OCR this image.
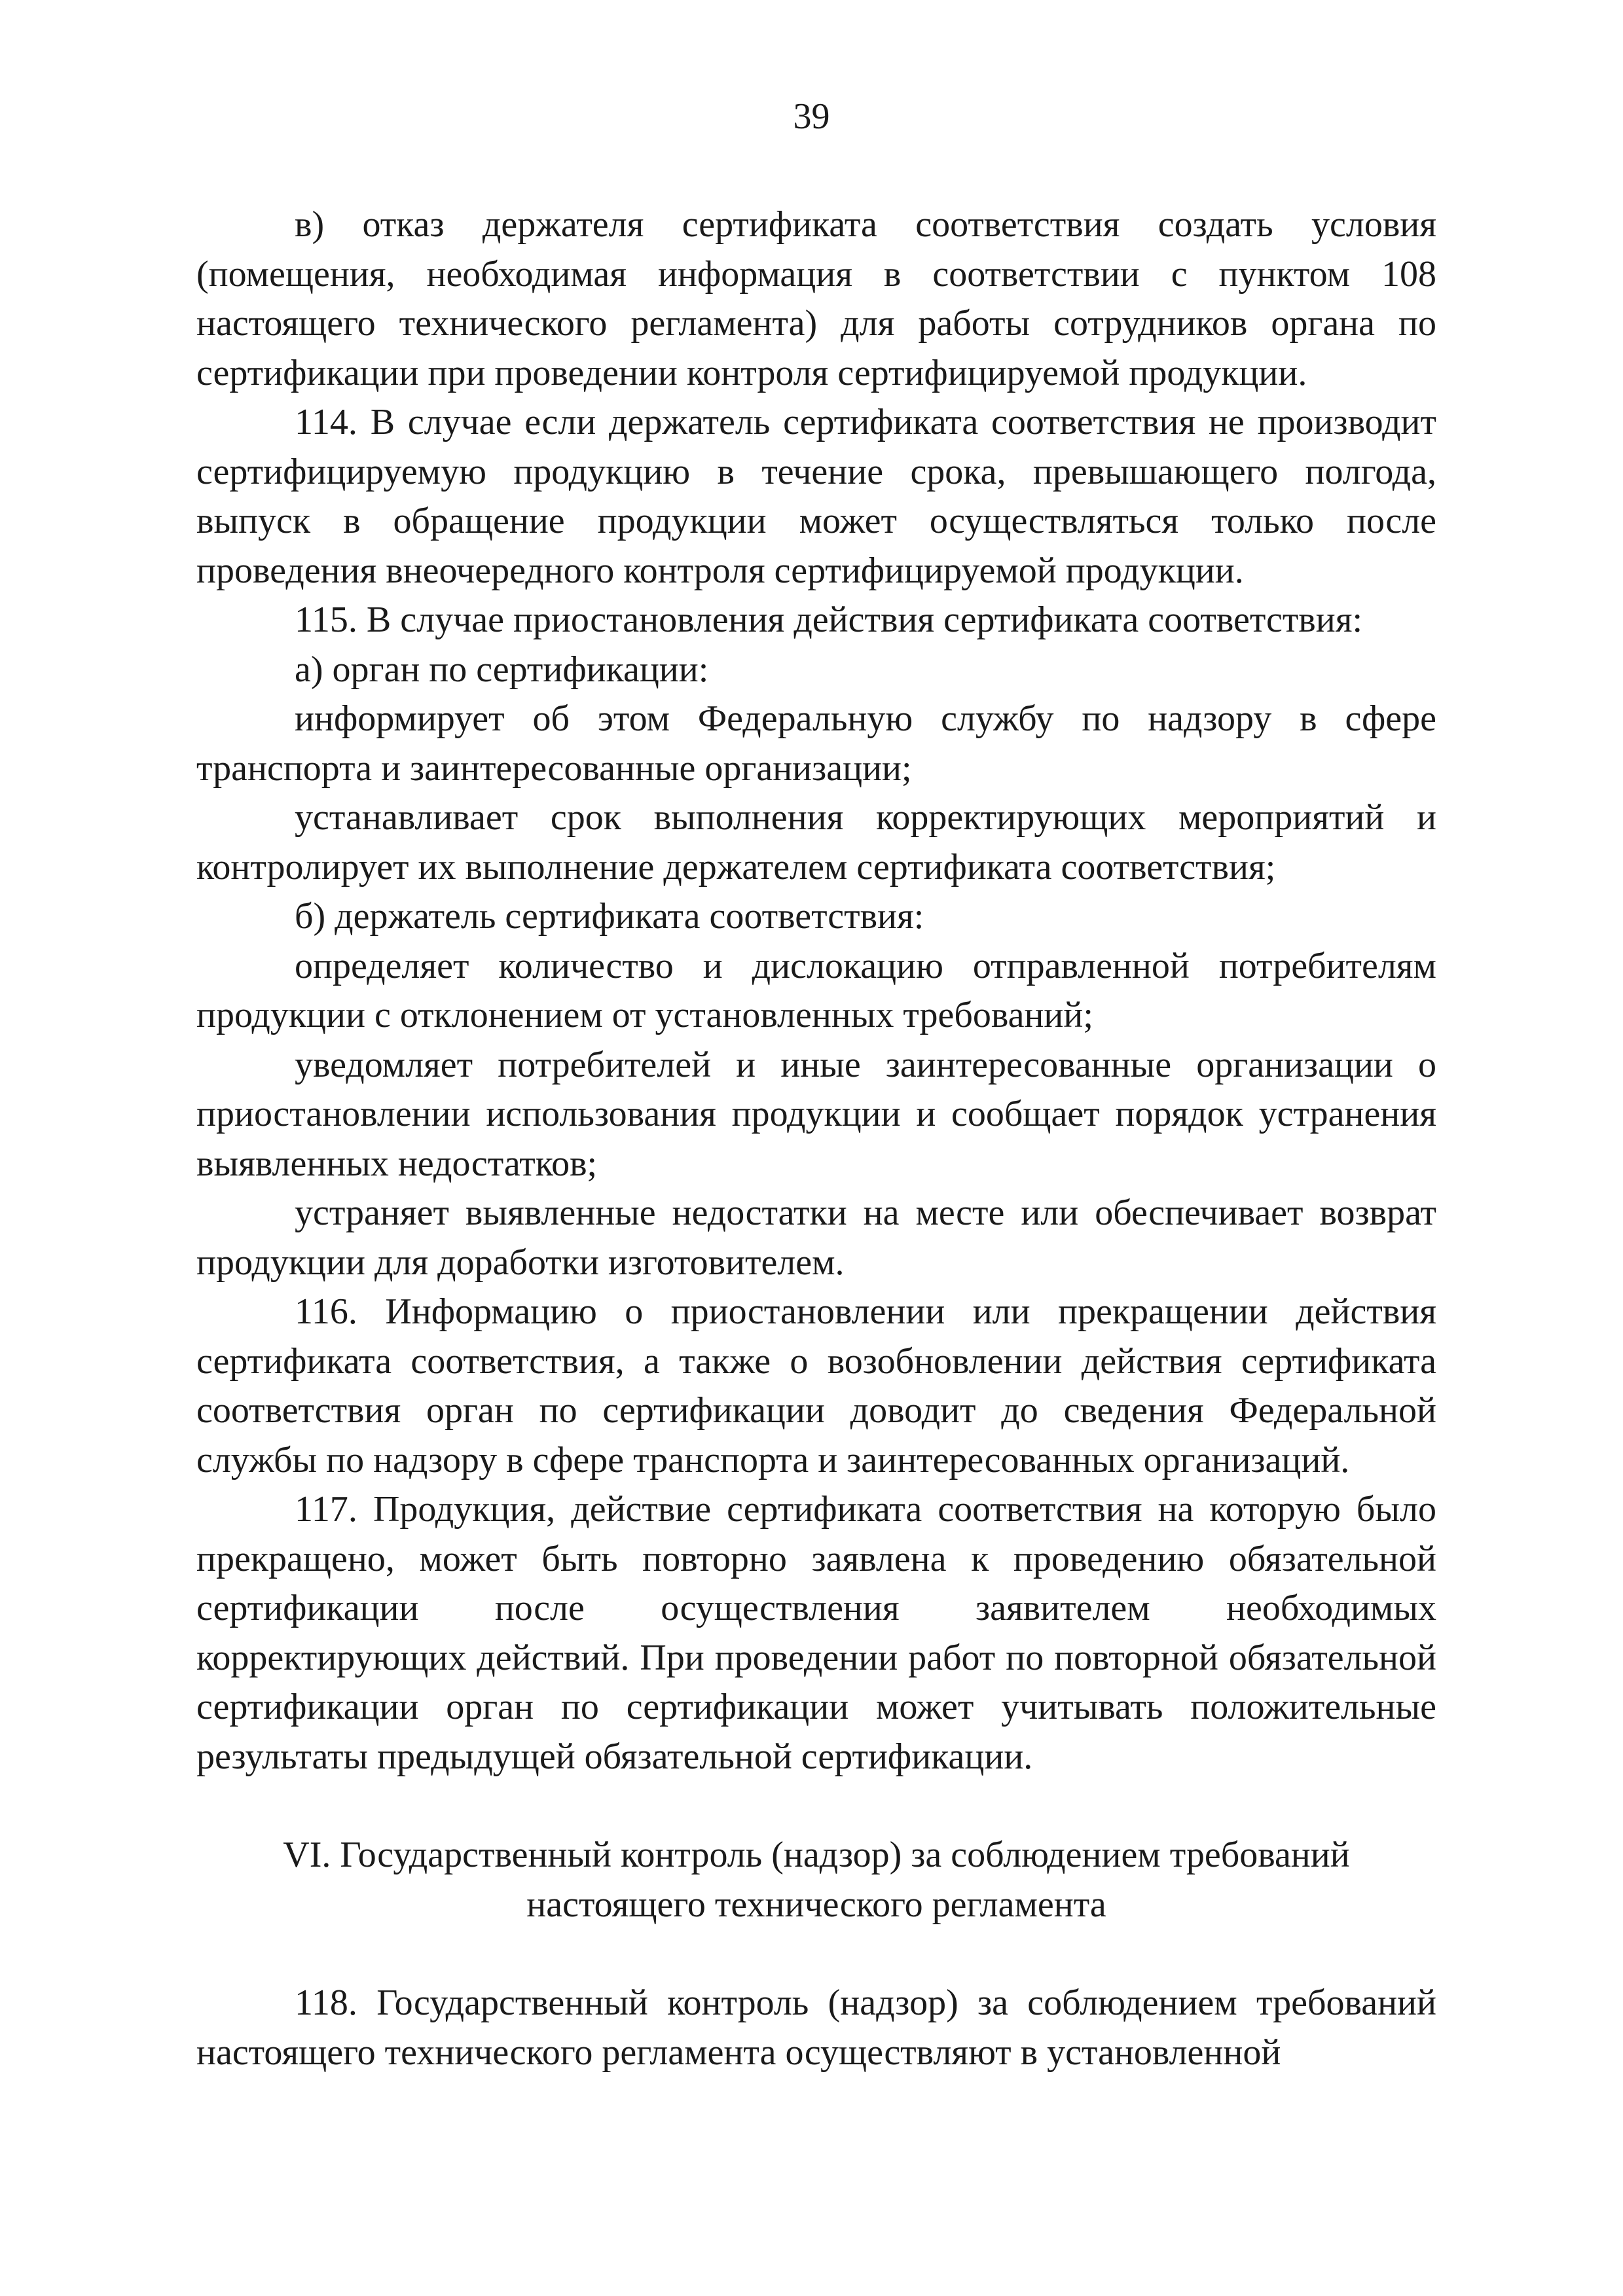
39

в) отказ держателя сертификата соответствия создать условия (помещения, необходимая информация в соответствии с пунктом 108 настоящего технического регламента) для работы сотрудников органа по сертификации при проведении контроля сертифицируемой продукции.

114. В случае если держатель сертификата соответствия не производит сертифицируемую продукцию в течение срока, превышающего полгода, выпуск в обращение продукции может осуществляться только после проведения внеочередного контроля сертифицируемой продукции.

115. В случае приостановления действия сертификата соответствия:

а) орган по сертификации:

информирует об этом Федеральную службу по надзору в сфере транспорта и заинтересованные организации;

устанавливает срок выполнения корректирующих мероприятий и контролирует их выполнение держателем сертификата соответствия;

б) держатель сертификата соответствия:

определяет количество и дислокацию отправленной потребителям продукции с отклонением от установленных требований;

уведомляет потребителей и иные заинтересованные организации о приостановлении использования продукции и сообщает порядок устранения выявленных недостатков;

устраняет выявленные недостатки на месте или обеспечивает возврат продукции для доработки изготовителем.

116. Информацию о приостановлении или прекращении действия сертификата соответствия, а также о возобновлении действия сертификата соответствия орган по сертификации доводит до сведения Федеральной службы по надзору в сфере транспорта и заинтересованных организаций.

117. Продукция, действие сертификата соответствия на которую было прекращено, может быть повторно заявлена к проведению обязательной сертификации после осуществления заявителем необходимых корректирующих действий. При проведении работ по повторной обязательной сертификации орган по сертификации может учитывать положительные результаты предыдущей обязательной сертификации.

VI. Государственный контроль (надзор) за соблюдением требований
настоящего технического регламента

118. Государственный контроль (надзор) за соблюдением требований настоящего технического регламента осуществляют в установленной
